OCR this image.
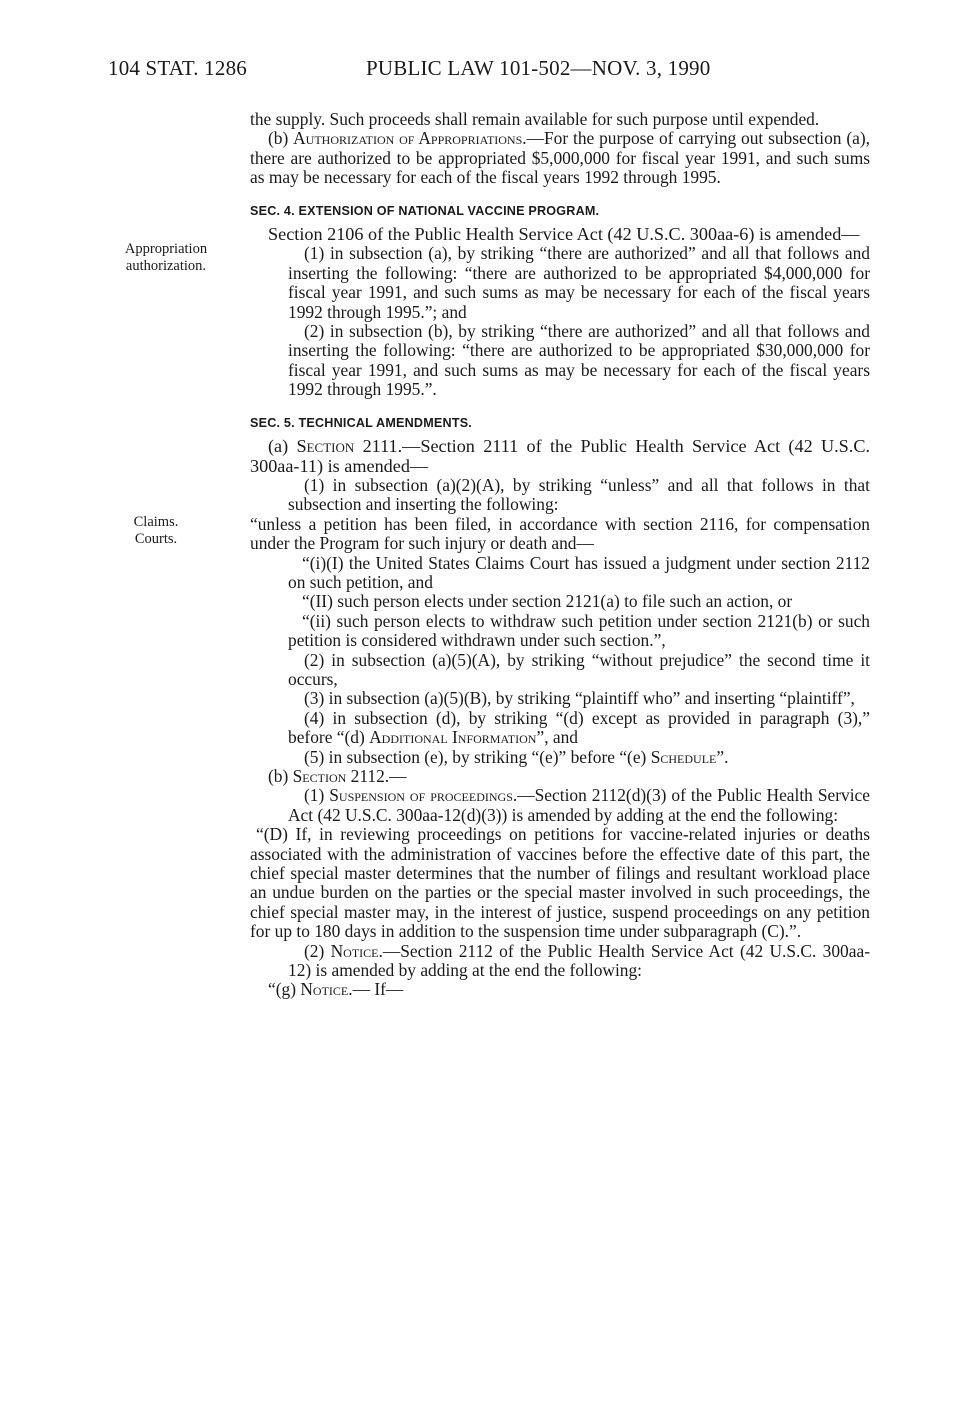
104 STAT. 1286	PUBLIC LAW 101-502—NOV. 3, 1990
Appropriation
authorization.
Claims.
Courts.

the supply. Such proceeds shall remain available for such purpose until expended.

(b) Authorization of Appropriations.—For the purpose of carrying out subsection (a), there are authorized to be appropriated $5,000,000 for fiscal year 1991, and such sums as may be necessary for each of the fiscal years 1992 through 1995.

SEC. 4. EXTENSION OF NATIONAL VACCINE PROGRAM.

Section 2106 of the Public Health Service Act (42 U.S.C. 300aa-6) is amended—

(1) in subsection (a), by striking “there are authorized” and all that follows and inserting the following: “there are authorized to be appropriated $4,000,000 for fiscal year 1991, and such sums as may be necessary for each of the fiscal years 1992 through 1995.”; and

(2) in subsection (b), by striking “there are authorized” and all that follows and inserting the following: “there are authorized to be appropriated $30,000,000 for fiscal year 1991, and such sums as may be necessary for each of the fiscal years 1992 through 1995.”.

SEC. 5. TECHNICAL AMENDMENTS.

(a) Section 2111.—Section 2111 of the Public Health Service Act (42 U.S.C. 300aa-11) is amended—

(1) in subsection (a)(2)(A), by striking “unless” and all that follows in that subsection and inserting the following:

“unless a petition has been filed, in accordance with section 2116, for compensation under the Program for such injury or death and—

“(i)(I) the United States Claims Court has issued a judgment under section 2112 on such petition, and

“(II) such person elects under section 2121(a) to file such an action, or

“(ii) such person elects to withdraw such petition under section 2121(b) or such petition is considered withdrawn under such section.”,

(2) in subsection (a)(5)(A), by striking “without prejudice” the second time it occurs,

(3) in subsection (a)(5)(B), by striking “plaintiff who” and inserting “plaintiff”,

(4) in subsection (d), by striking “(d) except as provided in paragraph (3),” before “(d) Additional Information”, and

(5) in subsection (e), by striking “(e)” before “(e) Schedule”.

(b) Section 2112.—

(1) Suspension of proceedings.—Section 2112(d)(3) of the Public Health Service Act (42 U.S.C. 300aa-12(d)(3)) is amended by adding at the end the following:

“(D) If, in reviewing proceedings on petitions for vaccine-related injuries or deaths associated with the administration of vaccines before the effective date of this part, the chief special master determines that the number of filings and resultant workload place an undue burden on the parties or the special master involved in such proceedings, the chief special master may, in the interest of justice, suspend proceedings on any petition for up to 180 days in addition to the suspension time under subparagraph (C).”.

(2) Notice.—Section 2112 of the Public Health Service Act (42 U.S.C. 300aa-12) is amended by adding at the end the following:

“(g) Notice.— If—
